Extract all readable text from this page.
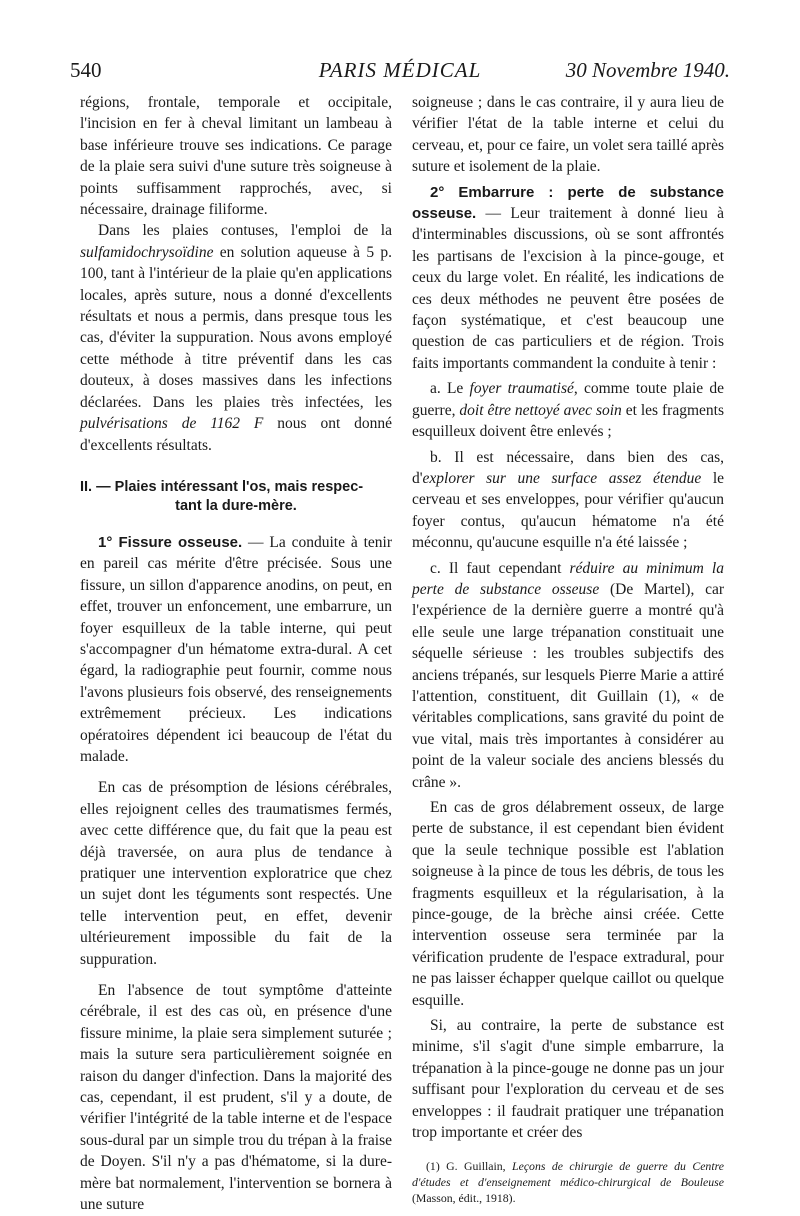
540	PARIS MÉDICAL	30 Novembre 1940.

régions, frontale, temporale et occipitale, l'incision en fer à cheval limitant un lambeau à base inférieure trouve ses indications. Ce parage de la plaie sera suivi d'une suture très soigneuse à points suffisamment rapprochés, avec, si nécessaire, drainage filiforme.

Dans les plaies contuses, l'emploi de la sulfamidochrysoïdine en solution aqueuse à 5 p. 100, tant à l'intérieur de la plaie qu'en applications locales, après suture, nous a donné d'excellents résultats et nous a permis, dans presque tous les cas, d'éviter la suppuration. Nous avons employé cette méthode à titre préventif dans les cas douteux, à doses massives dans les infections déclarées. Dans les plaies très infectées, les pulvérisations de 1162 F nous ont donné d'excellents résultats.

II. — Plaies intéressant l'os, mais respec-
tant la dure-mère.

1° Fissure osseuse. — La conduite à tenir en pareil cas mérite d'être précisée. Sous une fissure, un sillon d'apparence anodins, on peut, en effet, trouver un enfoncement, une embarrure, un foyer esquilleux de la table interne, qui peut s'accompagner d'un hématome extra-dural. A cet égard, la radiographie peut fournir, comme nous l'avons plusieurs fois observé, des renseignements extrêmement précieux. Les indications opératoires dépendent ici beaucoup de l'état du malade.

En cas de présomption de lésions cérébrales, elles rejoignent celles des traumatismes fermés, avec cette différence que, du fait que la peau est déjà traversée, on aura plus de tendance à pratiquer une intervention exploratrice que chez un sujet dont les téguments sont respectés. Une telle intervention peut, en effet, devenir ultérieurement impossible du fait de la suppuration.

En l'absence de tout symptôme d'atteinte cérébrale, il est des cas où, en présence d'une fissure minime, la plaie sera simplement suturée ; mais la suture sera particulièrement soignée en raison du danger d'infection. Dans la majorité des cas, cependant, il est prudent, s'il y a doute, de vérifier l'intégrité de la table interne et de l'espace sous-dural par un simple trou du trépan à la fraise de Doyen. S'il n'y a pas d'hématome, si la dure-mère bat normalement, l'intervention se bornera à une suture

soigneuse ; dans le cas contraire, il y aura lieu de vérifier l'état de la table interne et celui du cerveau, et, pour ce faire, un volet sera taillé après suture et isolement de la plaie.

2° Embarrure : perte de substance osseuse. — Leur traitement à donné lieu à d'interminables discussions, où se sont affrontés les partisans de l'excision à la pince-gouge, et ceux du large volet. En réalité, les indications de ces deux méthodes ne peuvent être posées de façon systématique, et c'est beaucoup une question de cas particuliers et de région. Trois faits importants commandent la conduite à tenir :

a. Le foyer traumatisé, comme toute plaie de guerre, doit être nettoyé avec soin et les fragments esquilleux doivent être enlevés ;

b. Il est nécessaire, dans bien des cas, d'explorer sur une surface assez étendue le cerveau et ses enveloppes, pour vérifier qu'aucun foyer contus, qu'aucun hématome n'a été méconnu, qu'aucune esquille n'a été laissée ;

c. Il faut cependant réduire au minimum la perte de substance osseuse (De Martel), car l'expérience de la dernière guerre a montré qu'à elle seule une large trépanation constituait une séquelle sérieuse : les troubles subjectifs des anciens trépanés, sur lesquels Pierre Marie a attiré l'attention, constituent, dit Guillain (1), « de véritables complications, sans gravité du point de vue vital, mais très importantes à considérer au point de la valeur sociale des anciens blessés du crâne ».

En cas de gros délabrement osseux, de large perte de substance, il est cependant bien évident que la seule technique possible est l'ablation soigneuse à la pince de tous les débris, de tous les fragments esquilleux et la régularisation, à la pince-gouge, de la brèche ainsi créée. Cette intervention osseuse sera terminée par la vérification prudente de l'espace extradural, pour ne pas laisser échapper quelque caillot ou quelque esquille.

Si, au contraire, la perte de substance est minime, s'il s'agit d'une simple embarrure, la trépanation à la pince-gouge ne donne pas un jour suffisant pour l'exploration du cerveau et de ses enveloppes : il faudrait pratiquer une trépanation trop importante et créer des

(1) G. Guillain, Leçons de chirurgie de guerre du Centre d'études et d'enseignement médico-chirurgical de Bouleuse (Masson, édit., 1918).
